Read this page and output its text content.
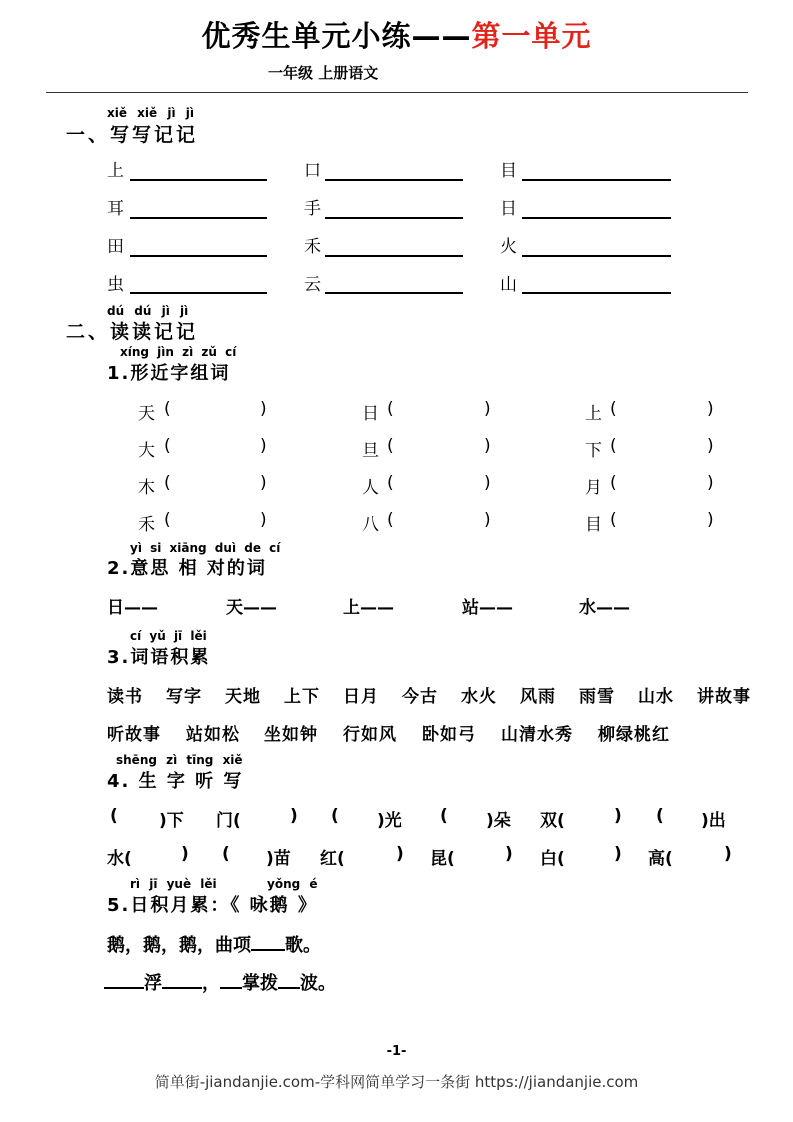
优秀生单元小练——第一单元
一年级 上册语文
xiě xiě jì jì
一、写写记记
上	口	目
耳	手	日
田	禾	火
虫	云	山
dú dú jì jì
二、读读记记
xíng jìn zì zǔ cí
1.形近字组词
天 (	)	日 (	)	上 (	)
大 (	)	旦 (	)	下 (	)
木 (	)	人 (	)	月 (	)
禾 (	)	八 (	)	目 (	)
yì si xiāng duì de cí
2.意思 相 对的词
日——	天——	上——	站——	水——
cí yǔ jī lěi
3.词语积累
读书 写字 天地 上下 日月 今古 水火 风雨 雨雪 山水 讲故事
听故事 站如松 坐如钟 行如风 卧如弓 山清水秀 柳绿桃红
shēng zì tīng xiě
4. 生 字 听 写
( )下 门(	) ( )光 ( )朵 双(	) ( )出
水(	) ( )苗 红(	) 昆(	) 白(	) 高(	)
rì jī yuè lěi	yǒng é
5.日积月累：《 咏鹅 》
鹅，鹅，鹅，曲项 歌。
浮 ， 掌拨 波。
-1-
简单街-jiandanjie.com-学科网简单学习一条街 https://jiandanjie.com
